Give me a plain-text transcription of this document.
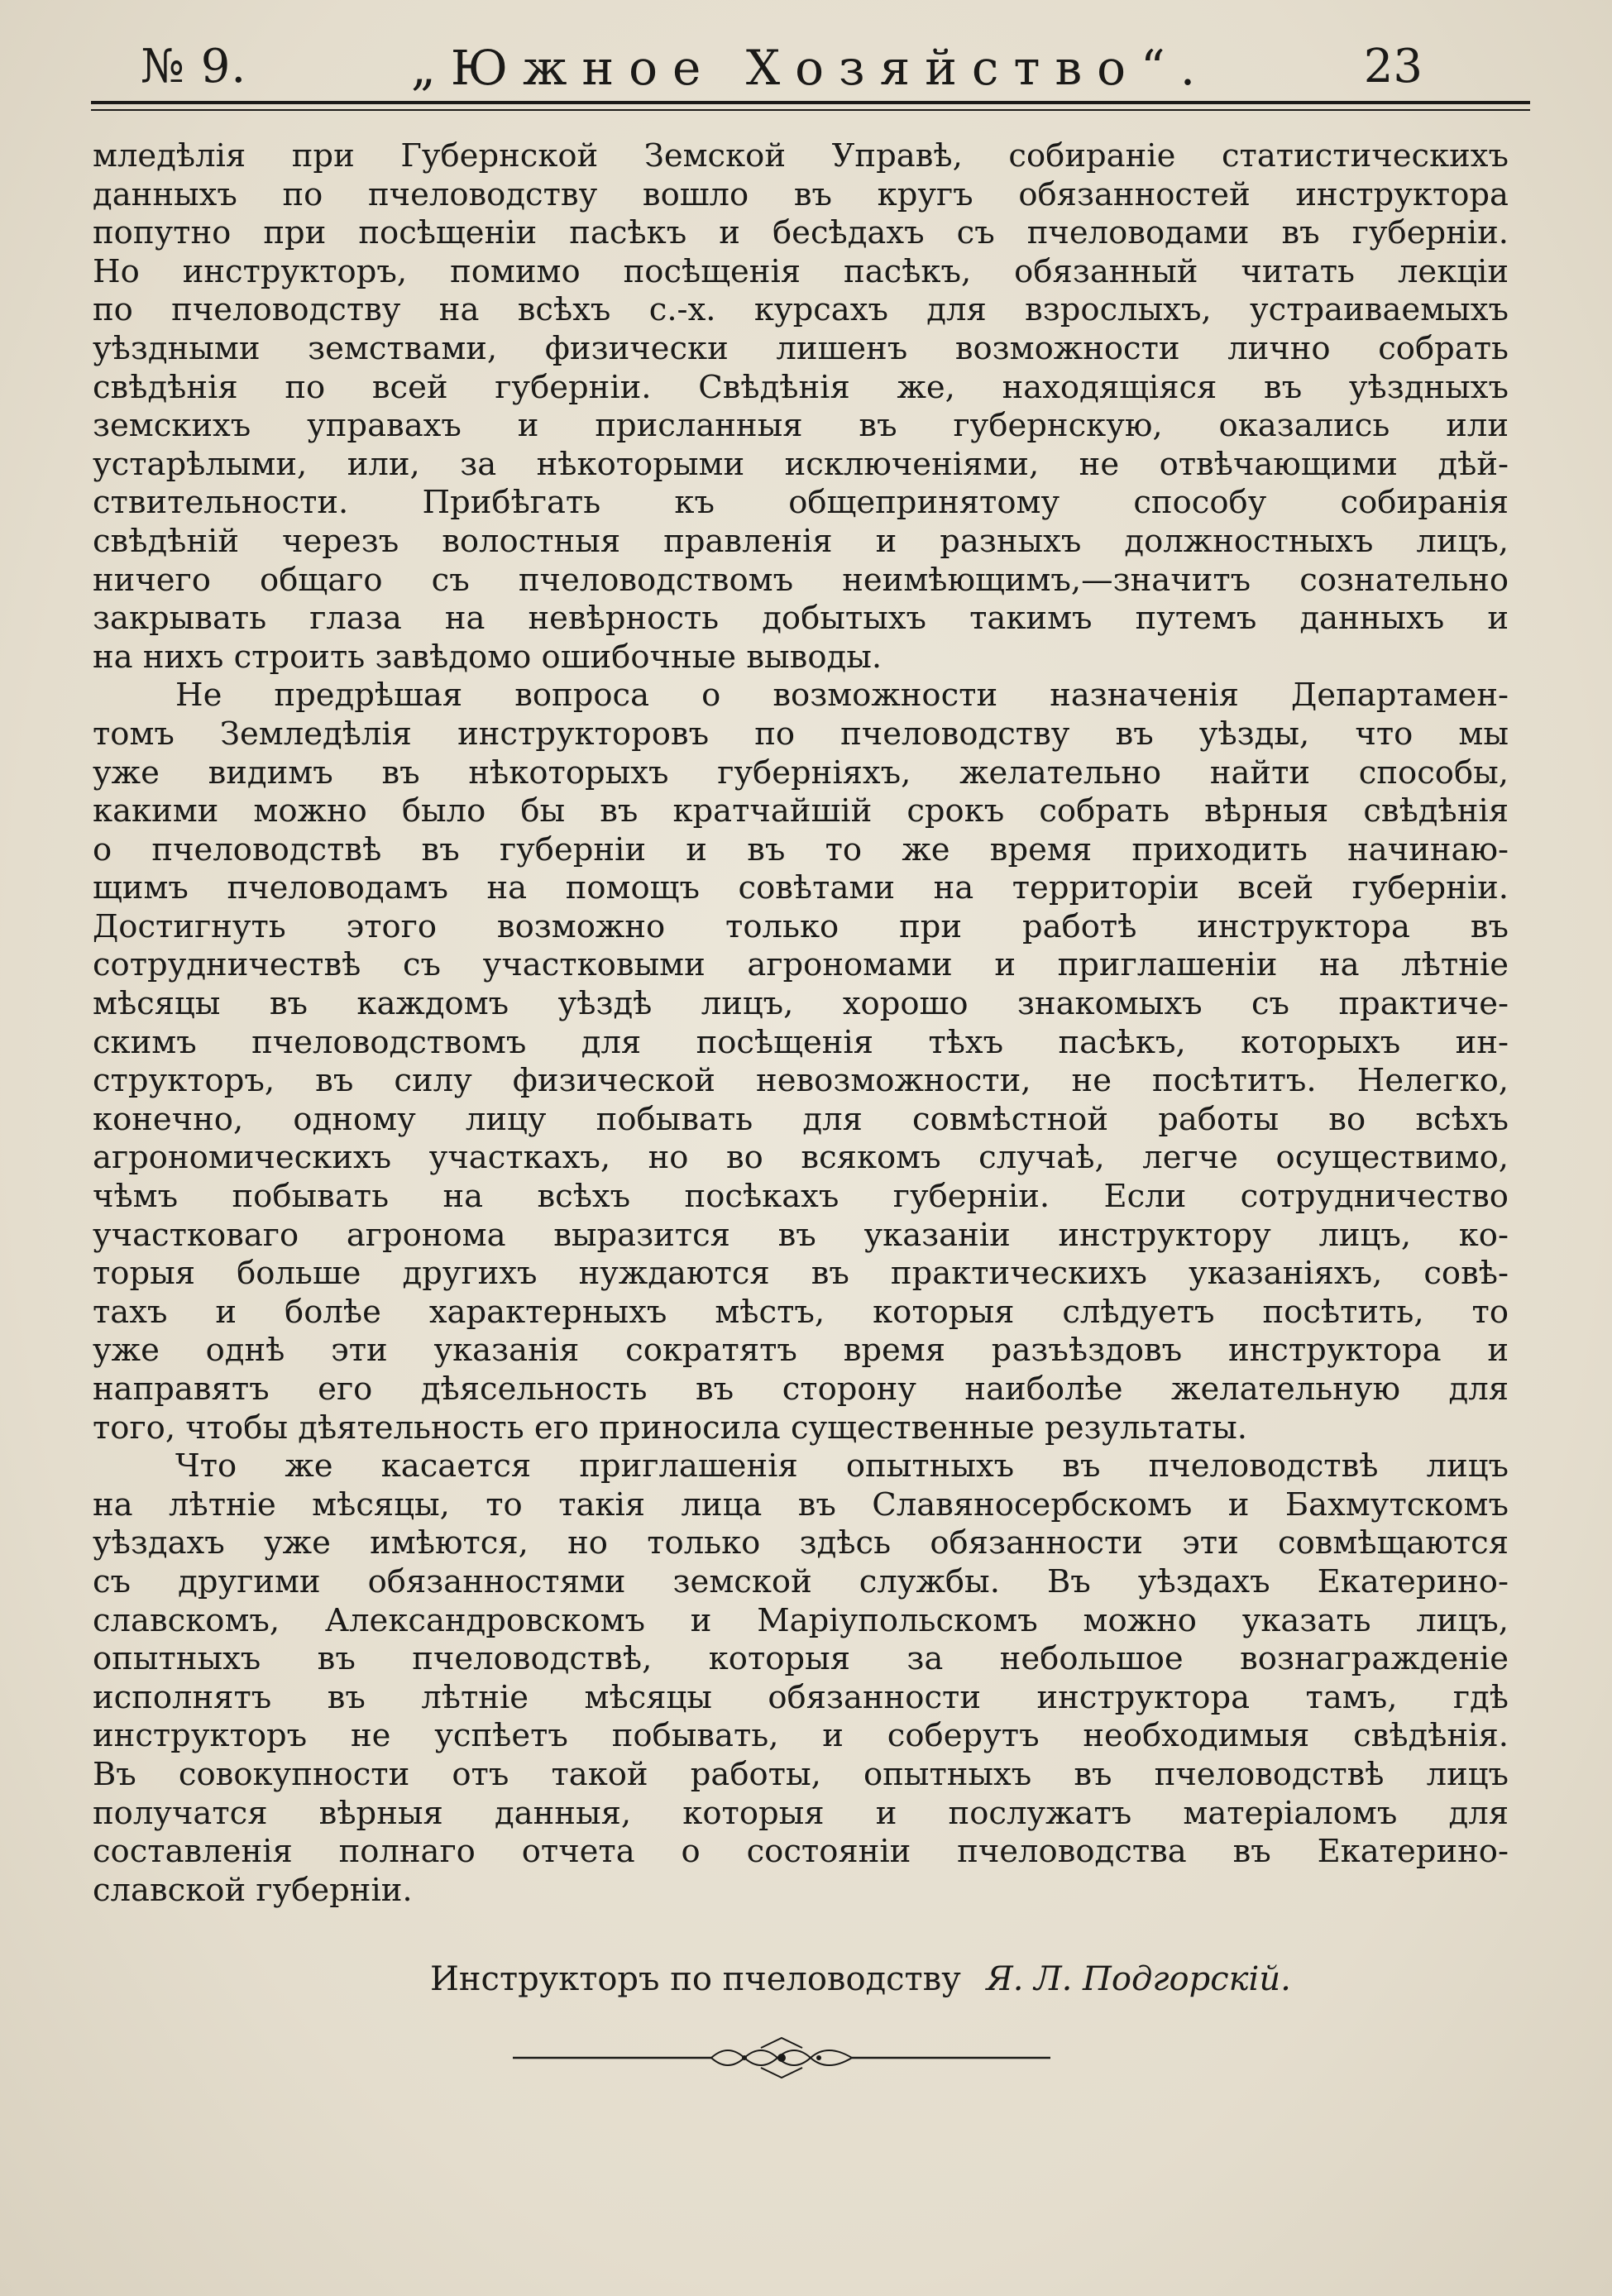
№ 9.	„Южное Хозяйство“.	23
мледѣлія при Губернской Земской Управѣ, собираніе статистическихъ
данныхъ по пчеловодству вошло въ кругъ обязанностей инструктора
попутно при посѣщеніи пасѣкъ и бесѣдахъ съ пчеловодами въ губерніи.
Но инструкторъ, помимо посѣщенія пасѣкъ, обязанный читать лекціи
по пчеловодству на всѣхъ с.-х. курсахъ для взрослыхъ, устраиваемыхъ
уѣздными земствами, физически лишенъ возможности лично собрать
свѣдѣнія по всей губерніи. Свѣдѣнія же, находящіяся въ уѣздныхъ
земскихъ управахъ и присланныя въ губернскую, оказались или
устарѣлыми, или, за нѣкоторыми исключеніями, не отвѣчающими дѣй-
ствительности. Прибѣгать къ общепринятому способу собиранія
свѣдѣній черезъ волостныя правленія и разныхъ должностныхъ лицъ,
ничего общаго съ пчеловодствомъ неимѣющимъ,—значитъ сознательно
закрывать глаза на невѣрность добытыхъ такимъ путемъ данныхъ и
на нихъ строить завѣдомо ошибочные выводы.
Не предрѣшая вопроса о возможности назначенія Департамен-
томъ Земледѣлія инструкторовъ по пчеловодству въ уѣзды, что мы
уже видимъ въ нѣкоторыхъ губерніяхъ, желательно найти способы,
какими можно было бы въ кратчайшій срокъ собрать вѣрныя свѣдѣнія
о пчеловодствѣ въ губерніи и въ то же время приходить начинаю-
щимъ пчеловодамъ на помощъ совѣтами на территоріи всей губерніи.
Достигнуть этого возможно только при работѣ инструктора въ
сотрудничествѣ съ участковыми агрономами и приглашеніи на лѣтніе
мѣсяцы въ каждомъ уѣздѣ лицъ, хорошо знакомыхъ съ практиче-
скимъ пчеловодствомъ для посѣщенія тѣхъ пасѣкъ, которыхъ ин-
структоръ, въ силу физической невозможности, не посѣтитъ. Нелегко,
конечно, одному лицу побывать для совмѣстной работы во всѣхъ
агрономическихъ участкахъ, но во всякомъ случаѣ, легче осуществимо,
чѣмъ побывать на всѣхъ посѣкахъ губерніи. Если сотрудничество
участковаго агронома выразится въ указаніи инструктору лицъ, ко-
торыя больше другихъ нуждаются въ практическихъ указаніяхъ, совѣ-
тахъ и болѣе характерныхъ мѣстъ, которыя слѣдуетъ посѣтить, то
уже однѣ эти указанія сократятъ время разъѣздовъ инструктора и
направятъ его дѣясельность въ сторону наиболѣе желательную для
того, чтобы дѣятельность его приносила существенные результаты.
Что же касается приглашенія опытныхъ въ пчеловодствѣ лицъ
на лѣтніе мѣсяцы, то такія лица въ Славяносербскомъ и Бахмутскомъ
уѣздахъ уже имѣются, но только здѣсь обязанности эти совмѣщаются
съ другими обязанностями земской службы. Въ уѣздахъ Екатерино-
славскомъ, Александровскомъ и Маріупольскомъ можно указать лицъ,
опытныхъ въ пчеловодствѣ, которыя за небольшое вознагражденіе
исполнятъ въ лѣтніе мѣсяцы обязанности инструктора тамъ, гдѣ
инструкторъ не успѣетъ побывать, и соберутъ необходимыя свѣдѣнія.
Въ совокупности отъ такой работы, опытныхъ въ пчеловодствѣ лицъ
получатся вѣрныя данныя, которыя и послужатъ матеріаломъ для
составленія полнаго отчета о состояніи пчеловодства въ Екатерино-
славской губерніи.
Инструкторъ по пчеловодству Я. Л. Подгорскій.
